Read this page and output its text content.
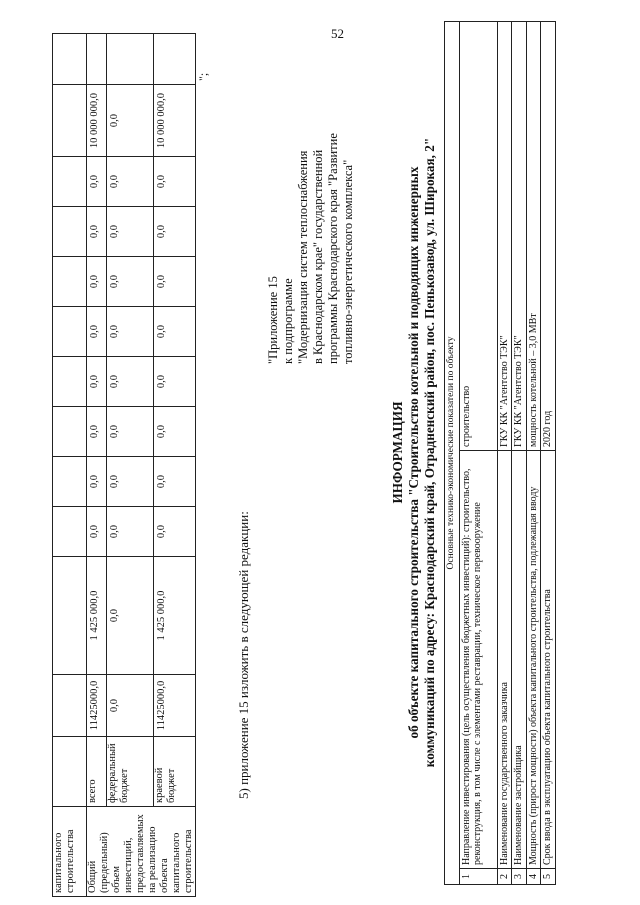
52
капитального строительства													
Общий (предельный) объем инвестиций, предоставляемых на реализацию объекта капитального строительства	всего	11425000,0	1 425 000,0	0,0	0,0	0,0	0,0	0,0	0,0	0,0	0,0	10 000 000,0	
	федеральный бюджет	0,0	0,0	0,0	0,0	0,0	0,0	0,0	0,0	0,0	0,0	0,0	
	краевой бюджет	11425000,0	1 425 000,0	0,0	0,0	0,0	0,0	0,0	0,0	0,0	0,0	10 000 000,0	
";
5) приложение 15 изложить в следующей редакции:
"Приложение 15 к подпрограмме "Модернизация систем теплоснабжения в Краснодарском крае" государственной программы Краснодарского края "Развитие топливно-энергетического комплекса"
ИНФОРМАЦИЯ об объекте капитального строительства "Строительство котельной и подводящих инженерных коммуникаций по адресу: Краснодарский край, Отрадненский район, пос. Пенькозавод, ул. Широкая, 2" Основные технико-экономические показатели по объекту		
1	Направление инвестирования (цель осуществления бюджетных инвестиций): строительство, реконструкция, в том числе с элементами реставрации, техническое перевооружение	строительство
2	Наименование государственного заказчика	ГКУ КК "Агентство ТЭК"
3	Наименование застройщика	ГКУ КК "Агентство ТЭК"
4	Мощность (прирост мощности) объекта капитального строительства, подлежащая вводу	мощность котельной – 3,0 МВт
5	Срок ввода в эксплуатацию объекта капитального строительства	2020 год
